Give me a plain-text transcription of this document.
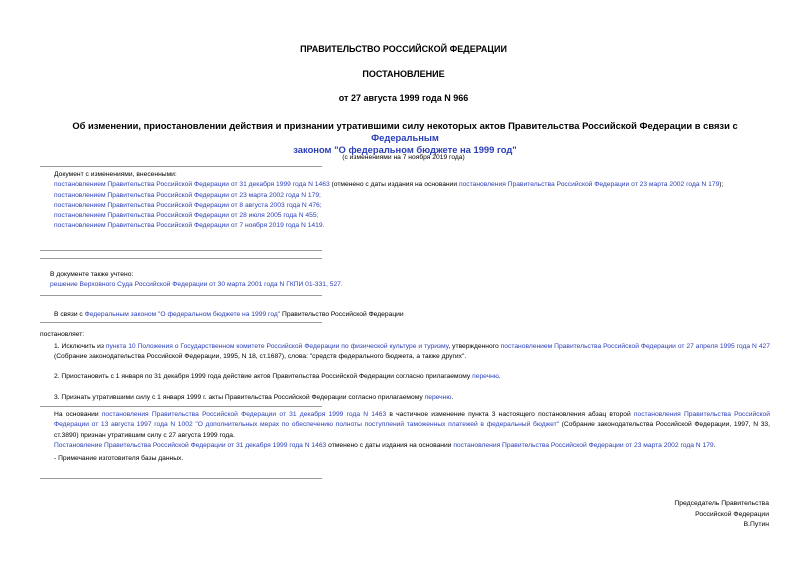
ПРАВИТЕЛЬСТВО РОССИЙСКОЙ ФЕДЕРАЦИИ
ПОСТАНОВЛЕНИЕ
от 27 августа 1999 года N 966
Об изменении, приостановлении действия и признании утратившими силу некоторых актов Правительства Российской Федерации в связи с Федеральным
законом "О федеральном бюджете на 1999 год"
(с изменениями на 7 ноября 2019 года)
Документ с изменениями, внесенными:
постановлением Правительства Российской Федерации от 31 декабря 1999 года N 1463 (отменено с даты издания на основании постановления Правительства Российской Федерации от 23 марта 2002 года N 179);
постановлением Правительства Российской Федерации от 23 марта 2002 года N 179;
постановлением Правительства Российской Федерации от 8 августа 2003 года N 476;
постановлением Правительства Российской Федерации от 28 июля 2005 года N 455;
постановлением Правительства Российской Федерации от 7 ноября 2019 года N 1419.
В документе также учтено:
решение Верховного Суда Российской Федерации от 30 марта 2001 года N ГКПИ 01-331, 527.
В связи с Федеральным законом "О федеральном бюджете на 1999 год" Правительство Российской Федерации
постановляет:
1. Исключить из пункта 10 Положения о Государственном комитете Российской Федерации по физической культуре и туризму, утвержденного постановлением Правительства Российской Федерации от 27 апреля 1995 года N 427 (Собрание законодательства Российской Федерации, 1995, N 18, ст.1687), слова: "средств федерального бюджета, а также других".
2. Приостановить с 1 января по 31 декабря 1999 года действие актов Правительства Российской Федерации согласно прилагаемому перечню.
3. Признать утратившими силу с 1 января 1999 г. акты Правительства Российской Федерации согласно прилагаемому перечню.
На основании постановления Правительства Российской Федерации от 31 декабря 1999 года N 1463 в частичное изменение пункта 3 настоящего постановления абзац второй постановления Правительства Российской Федерации от 13 августа 1997 года N 1002 "О дополнительных мерах по обеспечению полноты поступлений таможенных платежей в федеральный бюджет" (Собрание законодательства Российской Федерации, 1997, N 33, ст.3890) признан утратившим силу с 27 августа 1999 года.
Постановление Правительства Российской Федерации от 31 декабря 1999 года N 1463 отменено с даты издания на основании постановления Правительства Российской Федерации от 23 марта 2002 года N 179.
- Примечание изготовителя базы данных.
Председатель Правительства
Российской Федерации
В.Путин
